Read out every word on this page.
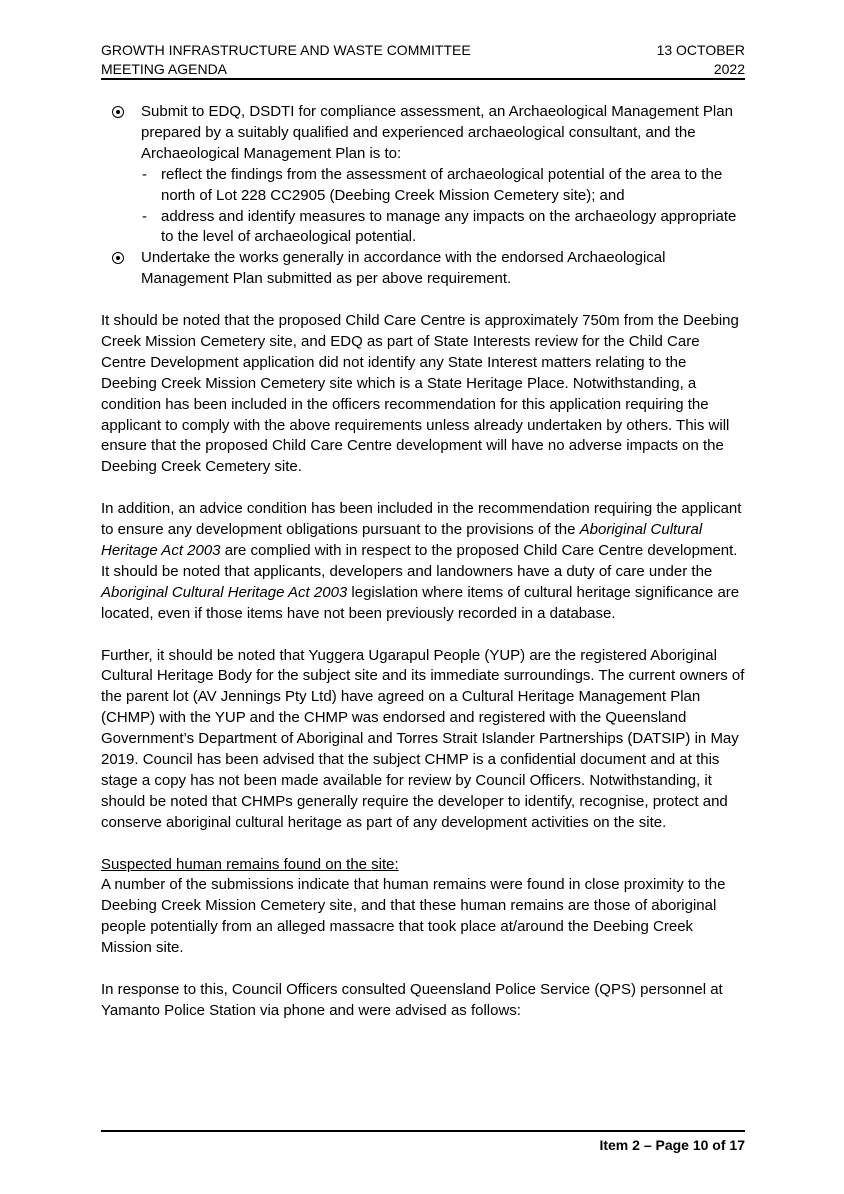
GROWTH INFRASTRUCTURE AND WASTE COMMITTEE
MEETING AGENDA
13 OCTOBER
2022
Submit to EDQ, DSDTI for compliance assessment, an Archaeological Management Plan prepared by a suitably qualified and experienced archaeological consultant, and the Archaeological Management Plan is to:
- reflect the findings from the assessment of archaeological potential of the area to the north of Lot 228 CC2905 (Deebing Creek Mission Cemetery site); and
- address and identify measures to manage any impacts on the archaeology appropriate to the level of archaeological potential.
Undertake the works generally in accordance with the endorsed Archaeological Management Plan submitted as per above requirement.

It should be noted that the proposed Child Care Centre is approximately 750m from the Deebing Creek Mission Cemetery site, and EDQ as part of State Interests review for the Child Care Centre Development application did not identify any State Interest matters relating to the Deebing Creek Mission Cemetery site which is a State Heritage Place. Notwithstanding, a condition has been included in the officers recommendation for this application requiring the applicant to comply with the above requirements unless already undertaken by others. This will ensure that the proposed Child Care Centre development will have no adverse impacts on the Deebing Creek Cemetery site.

In addition, an advice condition has been included in the recommendation requiring the applicant to ensure any development obligations pursuant to the provisions of the Aboriginal Cultural Heritage Act 2003 are complied with in respect to the proposed Child Care Centre development. It should be noted that applicants, developers and landowners have a duty of care under the Aboriginal Cultural Heritage Act 2003 legislation where items of cultural heritage significance are located, even if those items have not been previously recorded in a database.

Further, it should be noted that Yuggera Ugarapul People (YUP) are the registered Aboriginal Cultural Heritage Body for the subject site and its immediate surroundings. The current owners of the parent lot (AV Jennings Pty Ltd) have agreed on a Cultural Heritage Management Plan (CHMP) with the YUP and the CHMP was endorsed and registered with the Queensland Government’s Department of Aboriginal and Torres Strait Islander Partnerships (DATSIP) in May 2019. Council has been advised that the subject CHMP is a confidential document and at this stage a copy has not been made available for review by Council Officers. Notwithstanding, it should be noted that CHMPs generally require the developer to identify, recognise, protect and conserve aboriginal cultural heritage as part of any development activities on the site.

Suspected human remains found on the site:

A number of the submissions indicate that human remains were found in close proximity to the Deebing Creek Mission Cemetery site, and that these human remains are those of aboriginal people potentially from an alleged massacre that took place at/around the Deebing Creek Mission site.

In response to this, Council Officers consulted Queensland Police Service (QPS) personnel at Yamanto Police Station via phone and were advised as follows:

Item 2 – Page 10 of 17
